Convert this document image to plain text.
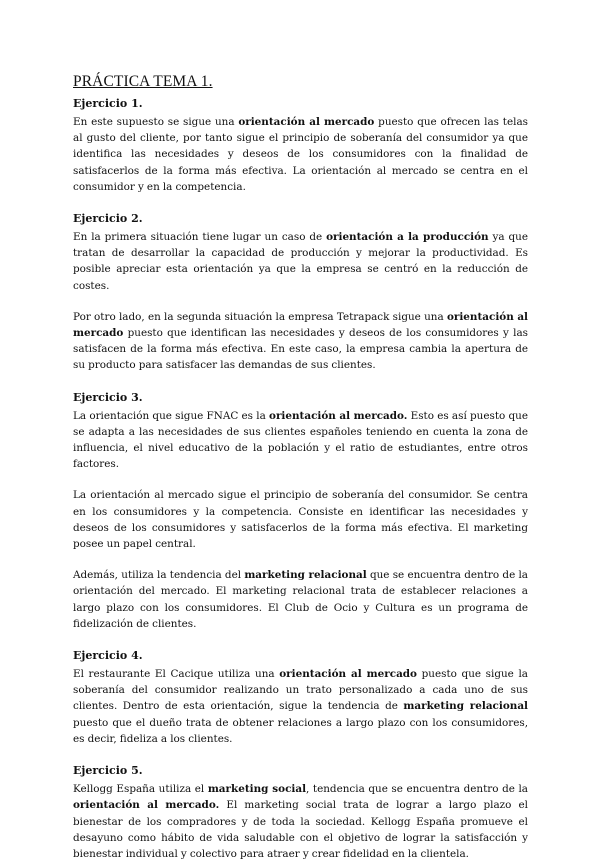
PRÁCTICA TEMA 1.
Ejercicio 1.

En este supuesto se sigue una orientación al mercado puesto que ofrecen las telas al gusto del cliente, por tanto sigue el principio de soberanía del consumidor ya que identifica las necesidades y deseos de los consumidores con la finalidad de satisfacerlos de la forma más efectiva. La orientación al mercado se centra en el consumidor y en la competencia.

Ejercicio 2.

En la primera situación tiene lugar un caso de orientación a la producción ya que tratan de desarrollar la capacidad de producción y mejorar la productividad. Es posible apreciar esta orientación ya que la empresa se centró en la reducción de costes.

Por otro lado, en la segunda situación la empresa Tetrapack sigue una orientación al mercado puesto que identifican las necesidades y deseos de los consumidores y las satisfacen de la forma más efectiva. En este caso, la empresa cambia la apertura de su producto para satisfacer las demandas de sus clientes.

Ejercicio 3.

La orientación que sigue FNAC es la orientación al mercado. Esto es así puesto que se adapta a las necesidades de sus clientes españoles teniendo en cuenta la zona de influencia, el nivel educativo de la población y el ratio de estudiantes, entre otros factores.

La orientación al mercado sigue el principio de soberanía del consumidor. Se centra en los consumidores y la competencia. Consiste en identificar las necesidades y deseos de los consumidores y satisfacerlos de la forma más efectiva. El marketing posee un papel central.

Además, utiliza la tendencia del marketing relacional que se encuentra dentro de la orientación del mercado. El marketing relacional trata de establecer relaciones a largo plazo con los consumidores. El Club de Ocio y Cultura es un programa de fidelización de clientes.

Ejercicio 4.

El restaurante El Cacique utiliza una orientación al mercado puesto que sigue la soberanía del consumidor realizando un trato personalizado a cada uno de sus clientes. Dentro de esta orientación, sigue la tendencia de marketing relacional puesto que el dueño trata de obtener relaciones a largo plazo con los consumidores, es decir, fideliza a los clientes.

Ejercicio 5.

Kellogg España utiliza el marketing social, tendencia que se encuentra dentro de la orientación al mercado. El marketing social trata de lograr a largo plazo el bienestar de los compradores y de toda la sociedad. Kellogg España promueve el desayuno como hábito de vida saludable con el objetivo de lograr la satisfacción y bienestar individual y colectivo para atraer y crear fidelidad en la clientela.
